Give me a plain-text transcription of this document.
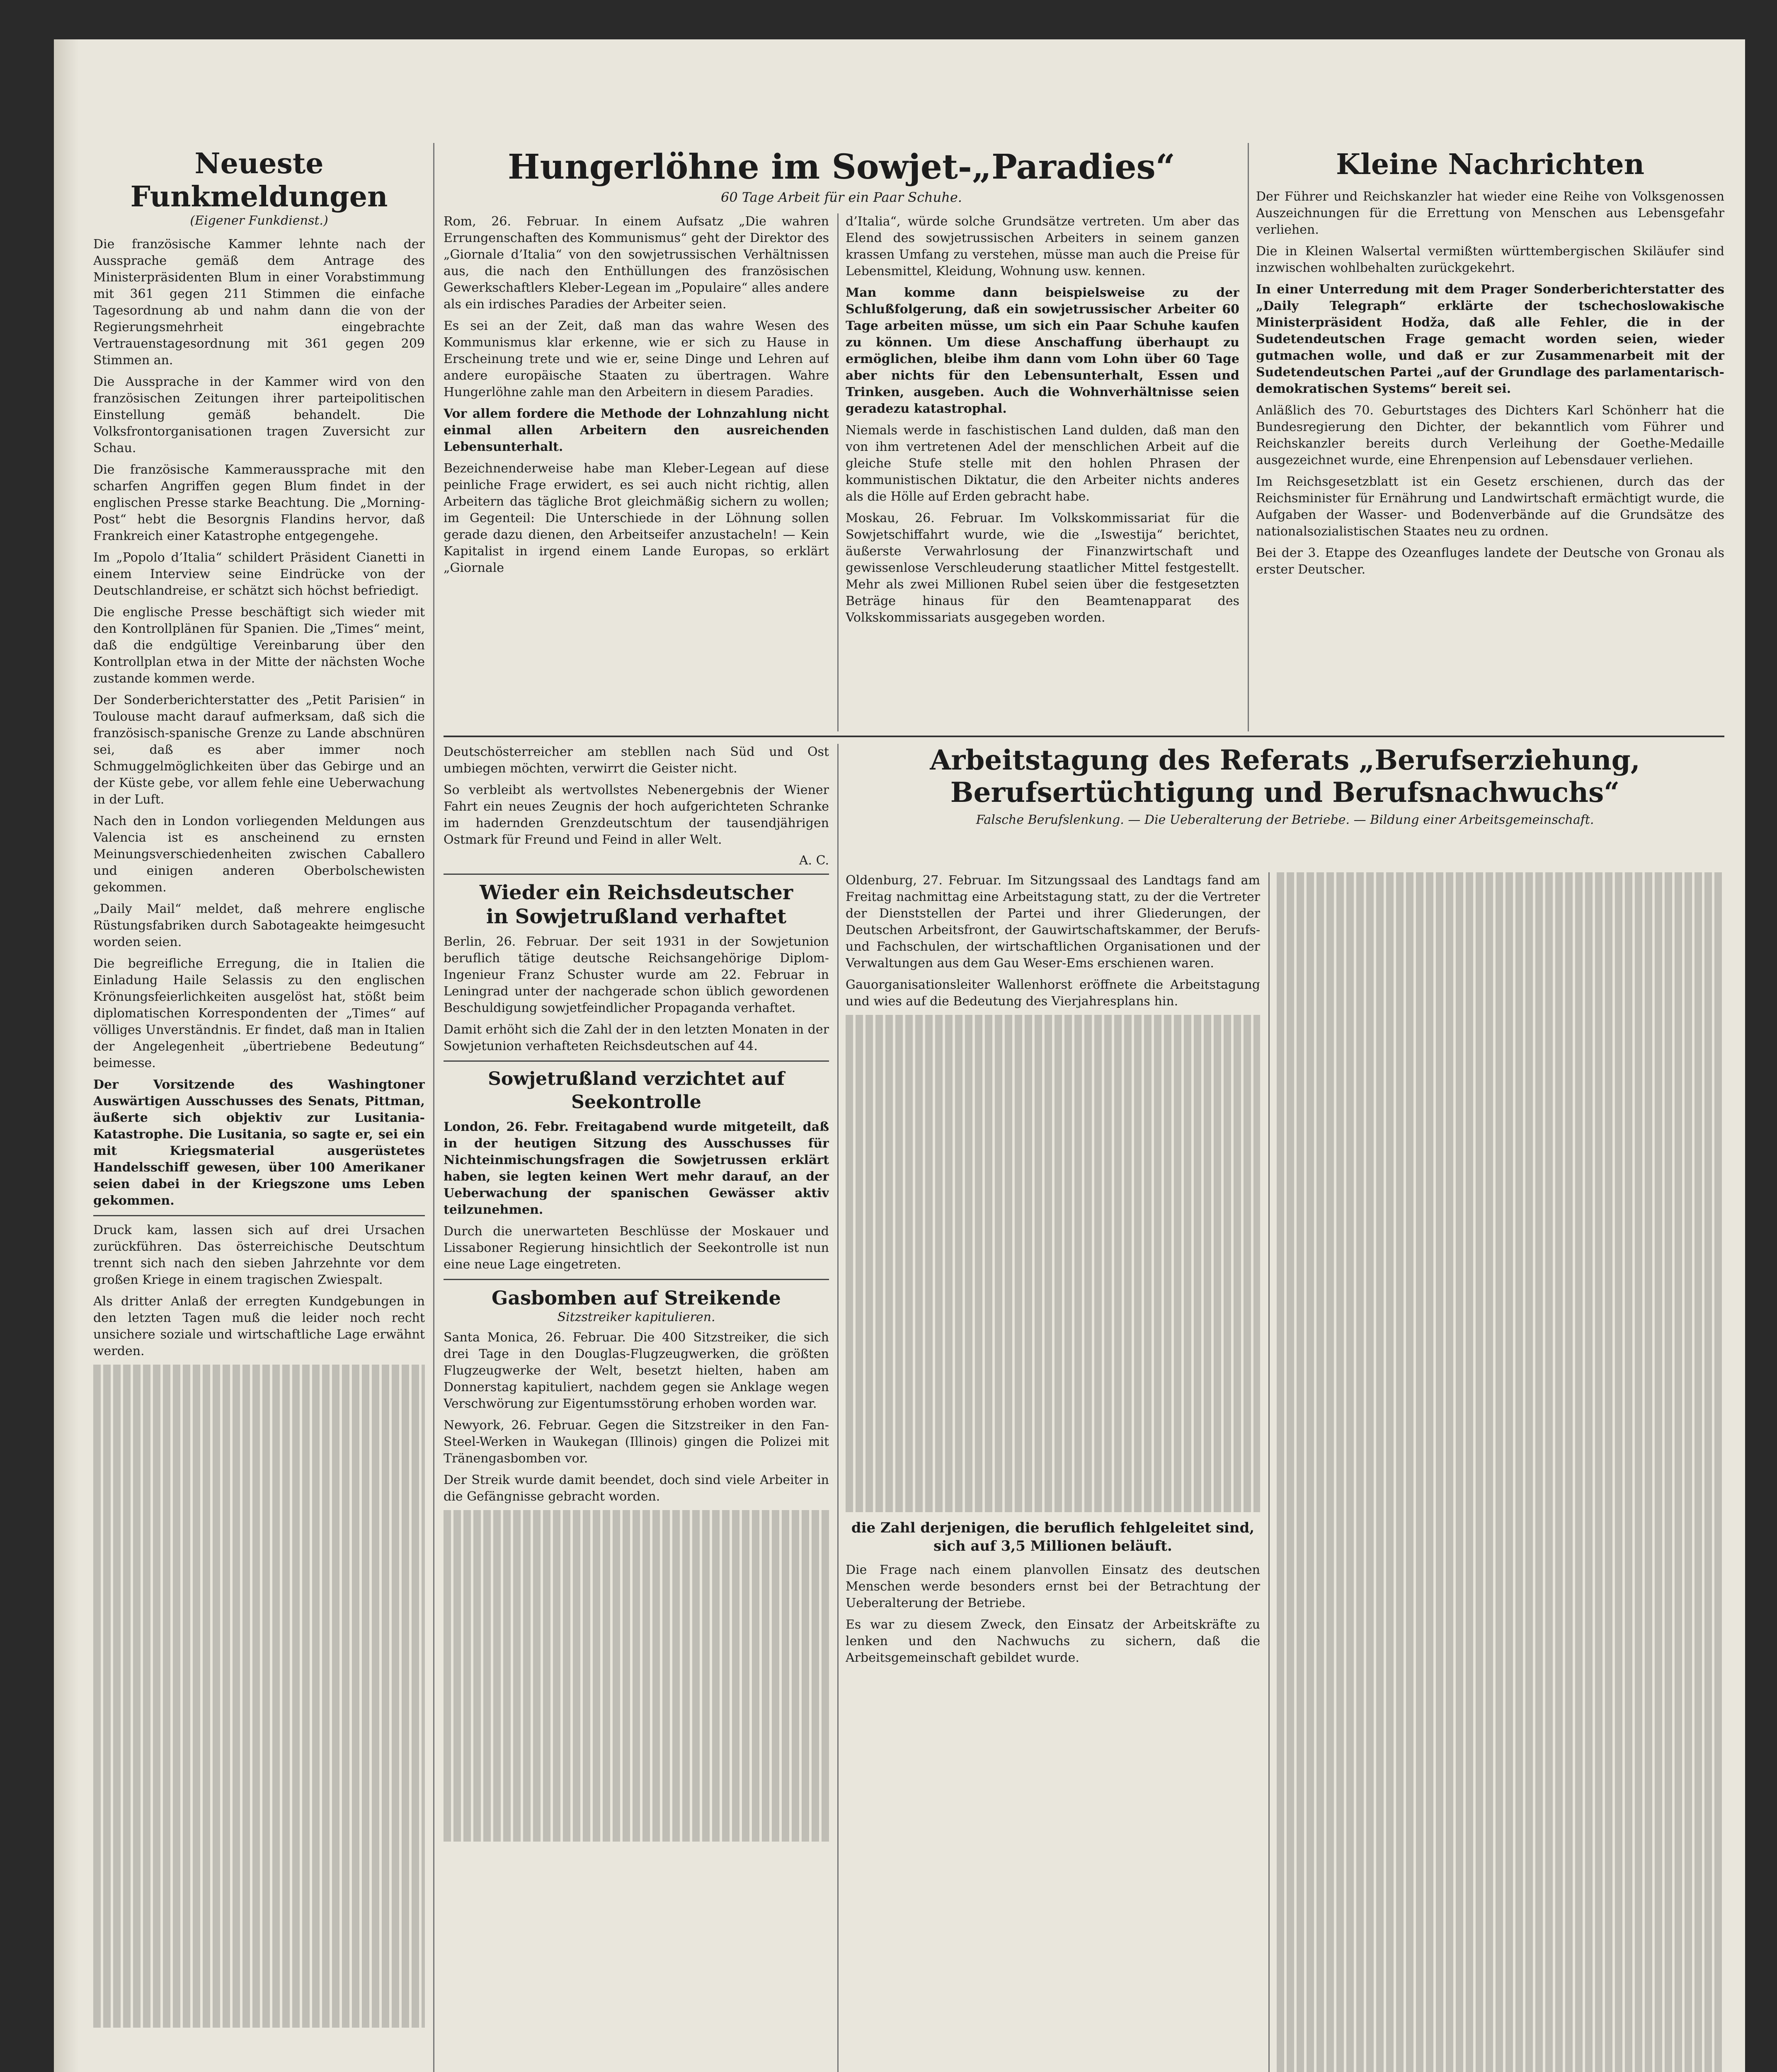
Neueste Funkmeldungen
(Eigener Funkdienst.)

Die französische Kammer lehnte nach der Aussprache gemäß dem Antrage des Ministerpräsidenten Blum in einer Vorabstimmung mit 361 gegen 211 Stimmen die einfache Tagesordnung ab und nahm dann die von der Regierungsmehrheit eingebrachte Vertrauenstagesordnung mit 361 gegen 209 Stimmen an.

Die Aussprache in der Kammer wird von den französischen Zeitungen ihrer parteipolitischen Einstellung gemäß behandelt. Die Volksfrontorganisationen tragen Zuversicht zur Schau.

Die französische Kammeraussprache mit den scharfen Angriffen gegen Blum findet in der englischen Presse starke Beachtung. Die „Morning-Post“ hebt die Besorgnis Flandins hervor, daß Frankreich einer Katastrophe entgegengehe.

Im „Popolo d’Italia“ schildert Präsident Cianetti in einem Interview seine Eindrücke von der Deutschlandreise, er schätzt sich höchst befriedigt.

Die englische Presse beschäftigt sich wieder mit den Kontrollplänen für Spanien. Die „Times“ meint, daß die endgültige Vereinbarung über den Kontrollplan etwa in der Mitte der nächsten Woche zustande kommen werde.

Der Sonderberichterstatter des „Petit Parisien“ in Toulouse macht darauf aufmerksam, daß sich die französisch-spanische Grenze zu Lande abschnüren sei, daß es aber immer noch Schmuggelmöglichkeiten über das Gebirge und an der Küste gebe, vor allem fehle eine Ueberwachung in der Luft.

Nach den in London vorliegenden Meldungen aus Valencia ist es anscheinend zu ernsten Meinungsverschiedenheiten zwischen Caballero und einigen anderen Oberbolschewisten gekommen.

„Daily Mail“ meldet, daß mehrere englische Rüstungsfabriken durch Sabotageakte heimgesucht worden seien.

Die begreifliche Erregung, die in Italien die Einladung Haile Selassis zu den englischen Krönungsfeierlichkeiten ausgelöst hat, stößt beim diplomatischen Korrespondenten der „Times“ auf völliges Unverständnis. Er findet, daß man in Italien der Angelegenheit „übertriebene Bedeutung“ beimesse.

Der Vorsitzende des Washingtoner Auswärtigen Ausschusses des Senats, Pittman, äußerte sich objektiv zur Lusitania-Katastrophe. Die Lusitania, so sagte er, sei ein mit Kriegsmaterial ausgerüstetes Handelsschiff gewesen, über 100 Amerikaner seien dabei in der Kriegszone ums Leben gekommen.

Druck kam, lassen sich auf drei Ursachen zurückführen. Das österreichische Deutschtum trennt sich nach den sieben Jahrzehnte vor dem großen Kriege in einem tragischen Zwiespalt.

Als dritter Anlaß der erregten Kundgebungen in den letzten Tagen muß die leider noch recht unsichere soziale und wirtschaftliche Lage erwähnt werden.

Hungerlöhne im Sowjet-„Paradies“
60 Tage Arbeit für ein Paar Schuhe.

Rom, 26. Februar. In einem Aufsatz „Die wahren Errungenschaften des Kommunismus“ geht der Direktor des „Giornale d’Italia“ von den sowjetrussischen Verhältnissen aus, die nach den Enthüllungen des französischen Gewerkschaftlers Kleber-Legean im „Populaire“ alles andere als ein irdisches Paradies der Arbeiter seien.

Es sei an der Zeit, daß man das wahre Wesen des Kommunismus klar erkenne, wie er sich zu Hause in Erscheinung trete und wie er, seine Dinge und Lehren auf andere europäische Staaten zu übertragen. Wahre Hungerlöhne zahle man den Arbeitern in diesem Paradies.

Vor allem fordere die Methode der Lohnzahlung nicht einmal allen Arbeitern den ausreichenden Lebensunterhalt.

Bezeichnenderweise habe man Kleber-Legean auf diese peinliche Frage erwidert, es sei auch nicht richtig, allen Arbeitern das tägliche Brot gleichmäßig sichern zu wollen; im Gegenteil: Die Unterschiede in der Löhnung sollen gerade dazu dienen, den Arbeitseifer anzustacheln! — Kein Kapitalist in irgend einem Lande Europas, so erklärt „Giornale

d’Italia“, würde solche Grundsätze vertreten. Um aber das Elend des sowjetrussischen Arbeiters in seinem ganzen krassen Umfang zu verstehen, müsse man auch die Preise für Lebensmittel, Kleidung, Wohnung usw. kennen.

Man komme dann beispielsweise zu der Schlußfolgerung, daß ein sowjetrussischer Arbeiter 60 Tage arbeiten müsse, um sich ein Paar Schuhe kaufen zu können. Um diese Anschaffung überhaupt zu ermöglichen, bleibe ihm dann vom Lohn über 60 Tage aber nichts für den Lebensunterhalt, Essen und Trinken, ausgeben. Auch die Wohnverhältnisse seien geradezu katastrophal.

Niemals werde in faschistischen Land dulden, daß man den von ihm vertretenen Adel der menschlichen Arbeit auf die gleiche Stufe stelle mit den hohlen Phrasen der kommunistischen Diktatur, die den Arbeiter nichts anderes als die Hölle auf Erden gebracht habe.

Moskau, 26. Februar. Im Volkskommissariat für die Sowjetschiffahrt wurde, wie die „Iswestija“ berichtet, äußerste Verwahrlosung der Finanzwirtschaft und gewissenlose Verschleuderung staatlicher Mittel festgestellt. Mehr als zwei Millionen Rubel seien über die festgesetzten Beträge hinaus für den Beamtenapparat des Volkskommissariats ausgegeben worden.

Kleine Nachrichten

Der Führer und Reichskanzler hat wieder eine Reihe von Volksgenossen Auszeichnungen für die Errettung von Menschen aus Lebensgefahr verliehen.

Die in Kleinen Walsertal vermißten württembergischen Skiläufer sind inzwischen wohlbehalten zurückgekehrt.

In einer Unterredung mit dem Prager Sonderberichterstatter des „Daily Telegraph“ erklärte der tschechoslowakische Ministerpräsident Hodža, daß alle Fehler, die in der Sudetendeutschen Frage gemacht worden seien, wieder gutmachen wolle, und daß er zur Zusammenarbeit mit der Sudetendeutschen Partei „auf der Grundlage des parlamentarisch-demokratischen Systems“ bereit sei.

Anläßlich des 70. Geburtstages des Dichters Karl Schönherr hat die Bundesregierung den Dichter, der bekanntlich vom Führer und Reichskanzler bereits durch Verleihung der Goethe-Medaille ausgezeichnet wurde, eine Ehrenpension auf Lebensdauer verliehen.

Im Reichsgesetzblatt ist ein Gesetz erschienen, durch das der Reichsminister für Ernährung und Landwirtschaft ermächtigt wurde, die Aufgaben der Wasser- und Bodenverbände auf die Grundsätze des nationalsozialistischen Staates neu zu ordnen.

Bei der 3. Etappe des Ozeanfluges landete der Deutsche von Gronau als erster Deutscher.

Deutschösterreicher am stebllen nach Süd und Ost umbiegen möchten, verwirrt die Geister nicht.

So verbleibt als wertvollstes Nebenergebnis der Wiener Fahrt ein neues Zeugnis der hoch aufgerichteten Schranke im hadernden Grenzdeutschtum der tausendjährigen Ostmark für Freund und Feind in aller Welt.

A. C.
Wieder ein Reichsdeutscher
in Sowjetrußland verhaftet

Berlin, 26. Februar. Der seit 1931 in der Sowjetunion beruflich tätige deutsche Reichsangehörige Diplom-Ingenieur Franz Schuster wurde am 22. Februar in Leningrad unter der nachgerade schon üblich gewordenen Beschuldigung sowjetfeindlicher Propaganda verhaftet.

Damit erhöht sich die Zahl der in den letzten Monaten in der Sowjetunion verhafteten Reichsdeutschen auf 44.

Sowjetrußland verzichtet auf Seekontrolle

London, 26. Febr. Freitagabend wurde mitgeteilt, daß in der heutigen Sitzung des Ausschusses für Nichteinmischungsfragen die Sowjetrussen erklärt haben, sie legten keinen Wert mehr darauf, an der Ueberwachung der spanischen Gewässer aktiv teilzunehmen.

Durch die unerwarteten Beschlüsse der Moskauer und Lissaboner Regierung hinsichtlich der Seekontrolle ist nun eine neue Lage eingetreten.

Gasbomben auf Streikende
Sitzstreiker kapitulieren.

Santa Monica, 26. Februar. Die 400 Sitzstreiker, die sich drei Tage in den Douglas-Flugzeugwerken, die größten Flugzeugwerke der Welt, besetzt hielten, haben am Donnerstag kapituliert, nachdem gegen sie Anklage wegen Verschwörung zur Eigentumsstörung erhoben worden war.

Newyork, 26. Februar. Gegen die Sitzstreiker in den Fan-Steel-Werken in Waukegan (Illinois) gingen die Polizei mit Tränengasbomben vor.

Der Streik wurde damit beendet, doch sind viele Arbeiter in die Gefängnisse gebracht worden.

Arbeitstagung des Referats „Berufserziehung,
Berufsertüchtigung und Berufsnachwuchs“
Falsche Berufslenkung. — Die Ueberalterung der Betriebe. — Bildung einer Arbeitsgemeinschaft.

Oldenburg, 27. Februar. Im Sitzungssaal des Landtags fand am Freitag nachmittag eine Arbeitstagung statt, zu der die Vertreter der Dienststellen der Partei und ihrer Gliederungen, der Deutschen Arbeitsfront, der Gauwirtschaftskammer, der Berufs- und Fachschulen, der wirtschaftlichen Organisationen und der Verwaltungen aus dem Gau Weser-Ems erschienen waren.

Gauorganisationsleiter Wallenhorst eröffnete die Arbeitstagung und wies auf die Bedeutung des Vierjahresplans hin.

die Zahl derjenigen, die beruflich fehlgeleitet sind, sich auf 3,5 Millionen beläuft.

Die Frage nach einem planvollen Einsatz des deutschen Menschen werde besonders ernst bei der Betrachtung der Ueberalterung der Betriebe.

Es war zu diesem Zweck, den Einsatz der Arbeitskräfte zu lenken und den Nachwuchs zu sichern, daß die Arbeitsgemeinschaft gebildet wurde.
